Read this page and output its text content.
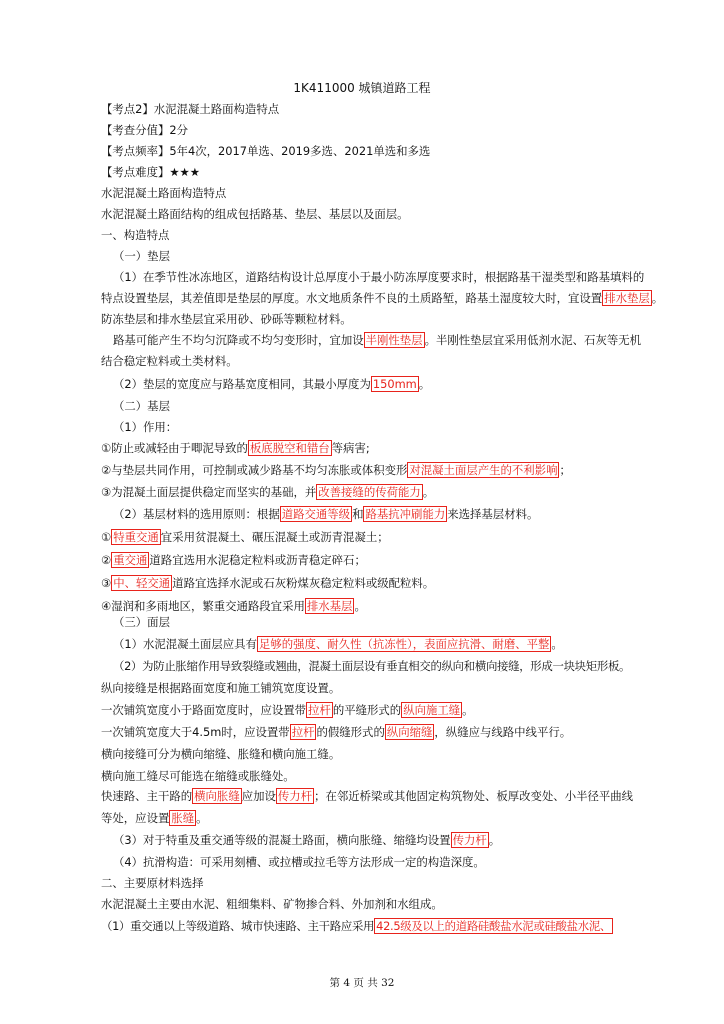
1K411000 城镇道路工程
【考点2】水泥混凝土路面构造特点
【考查分值】2分
【考点频率】5年4次，2017单选、2019多选、2021单选和多选
【考点难度】★★★
水泥混凝土路面构造特点
水泥混凝土路面结构的组成包括路基、垫层、基层以及面层。
一、构造特点
（一）垫层
（1）在季节性冰冻地区，道路结构设计总厚度小于最小防冻厚度要求时，根据路基干湿类型和路基填料的
特点设置垫层，其差值即是垫层的厚度。水文地质条件不良的土质路堑，路基土湿度较大时，宜设置 排水垫层 。
防冻垫层和排水垫层宜采用砂、砂砾等颗粒材料。
路基可能产生不均匀沉降或不均匀变形时，宜加设 半刚性垫层 。半刚性垫层宜采用低剂水泥、石灰等无机
结合稳定粒料或土类材料。
（2）垫层的宽度应与路基宽度相同，其最小厚度为 150mm 。
（二）基层
（1）作用：
①防止或减轻由于唧泥导致的 板底脱空和错台 等病害;
②与垫层共同作用，可控制或减少路基不均匀冻胀或体积变形 对混凝土面层产生的不利影响 ；
③为混凝土面层提供稳定而坚实的基础，并 改善接缝的传荷能力 。
（2）基层材料的选用原则：根据 道路交通等级 和 路基抗冲刷能力 来选择基层材料。
① 特重交通 宜采用贫混凝土、碾压混凝土或沥青混凝土；
② 重交通 道路宜选用水泥稳定粒料或沥青稳定碎石；
③ 中、轻交通 道路宜选择水泥或石灰粉煤灰稳定粒料或级配粒料。
④湿润和多雨地区，繁重交通路段宜采用 排水基层 。
（三）面层
（1）水泥混凝土面层应具有 足够的强度、耐久性（抗冻性），表面应抗滑、耐磨、平整 。
（2）为防止胀缩作用导致裂缝或翘曲，混凝土面层设有垂直相交的纵向和横向接缝，形成一块块矩形板。
纵向接缝是根据路面宽度和施工铺筑宽度设置。
一次铺筑宽度小于路面宽度时，应设置带 拉杆 的平缝形式的 纵向施工缝 。
一次铺筑宽度大于4.5m时，应设置带 拉杆 的假缝形式的 纵向缩缝 ，纵缝应与线路中线平行。
横向接缝可分为横向缩缝、胀缝和横向施工缝。
横向施工缝尽可能选在缩缝或胀缝处。
快速路、主干路的 横向胀缝 应加设 传力杆 ；在邻近桥梁或其他固定构筑物处、板厚改变处、小半径平曲线
等处，应设置 胀缝 。
（3）对于特重及重交通等级的混凝土路面，横向胀缝、缩缝均设置 传力杆 。
（4）抗滑构造：可采用刻槽、或拉槽或拉毛等方法形成一定的构造深度。
二、主要原材料选择
水泥混凝土主要由水泥、粗细集料、矿物掺合料、外加剂和水组成。
（1）重交通以上等级道路、城市快速路、主干路应采用 42.5级及以上的道路硅酸盐水泥或硅酸盐水泥、
第 4 页 共 32
